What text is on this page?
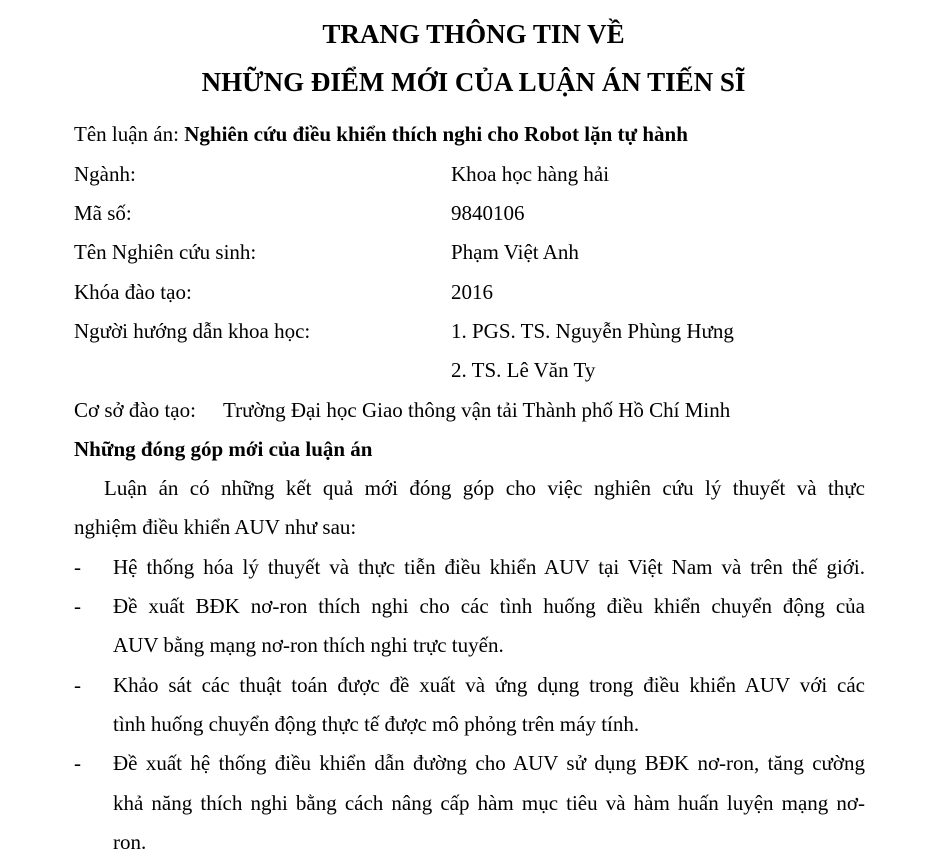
TRANG THÔNG TIN VỀ
NHỮNG ĐIỂM MỚI CỦA LUẬN ÁN TIẾN SĨ
Tên luận án: Nghiên cứu điều khiển thích nghi cho Robot lặn tự hành
Ngành:	Khoa học hàng hải
Mã số:	9840106
Tên Nghiên cứu sinh:	Phạm Việt Anh
Khóa đào tạo:	2016
Người hướng dẫn khoa học:	1. PGS. TS. Nguyễn Phùng Hưng
2. TS. Lê Văn Ty
Cơ sở đào tạo: Trường Đại học Giao thông vận tải Thành phố Hồ Chí Minh
Những đóng góp mới của luận án
Luận án có những kết quả mới đóng góp cho việc nghiên cứu lý thuyết và thực
nghiệm điều khiển AUV như sau:
- Hệ thống hóa lý thuyết và thực tiễn điều khiển AUV tại Việt Nam và trên thế giới.
- Đề xuất BĐK nơ-ron thích nghi cho các tình huống điều khiển chuyển động của
AUV bằng mạng nơ-ron thích nghi trực tuyến.
- Khảo sát các thuật toán được đề xuất và ứng dụng trong điều khiển AUV với các
tình huống chuyển động thực tế được mô phỏng trên máy tính.
- Đề xuất hệ thống điều khiển dẫn đường cho AUV sử dụng BĐK nơ-ron, tăng cường
khả năng thích nghi bằng cách nâng cấp hàm mục tiêu và hàm huấn luyện mạng nơ-
ron.
